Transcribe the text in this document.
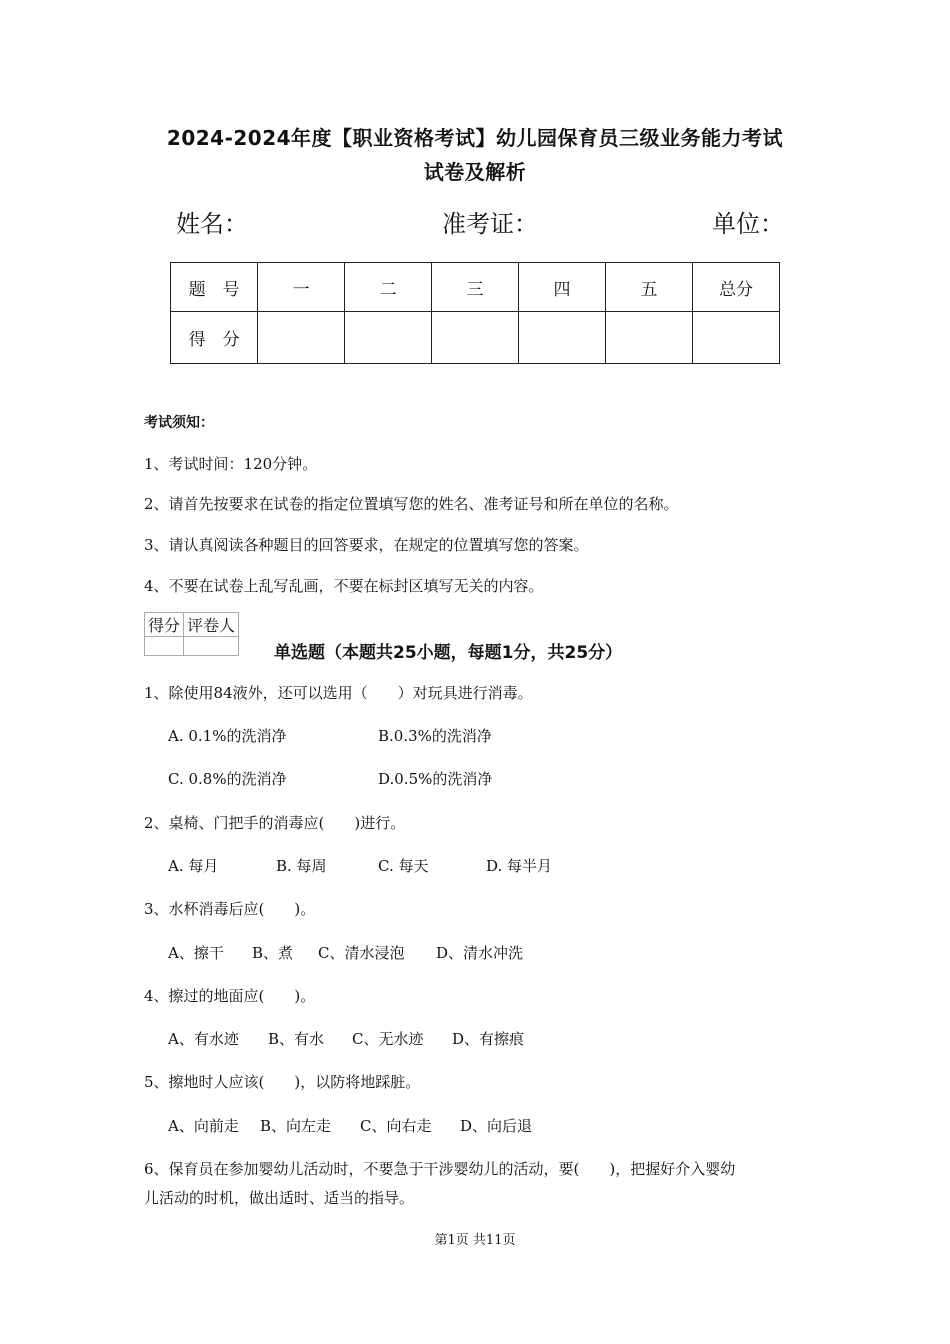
2024-2024年度【职业资格考试】幼儿园保育员三级业务能力考试
试卷及解析
姓名：	准考证：	单位：
题　号	一	二	三	四	五	总分
得　分						
考试须知：
1、考试时间：120分钟。
2、请首先按要求在试卷的指定位置填写您的姓名、准考证号和所在单位的名称。
3、请认真阅读各种题目的回答要求，在规定的位置填写您的答案。
4、不要在试卷上乱写乱画，不要在标封区填写无关的内容。
得分	评卷人

单选题（本题共25小题，每题1分，共25分）
1、除使用84液外，还可以选用（　　）对玩具进行消毒。
A. 0.1%的洗消净	B.0.3%的洗消净
C. 0.8%的洗消净	D.0.5%的洗消净
2、桌椅、门把手的消毒应(　　)进行。
A. 每月	B. 每周	C. 每天	D. 每半月
3、水杯消毒后应(　　)。
A、擦干 B、煮 C、清水浸泡 D、清水冲洗
4、擦过的地面应(　　)。
A、有水迹 B、有水 C、无水迹 D、有擦痕
5、擦地时人应该(　　)，以防将地踩脏。
A、向前走 B、向左走 C、向右走 D、向后退
6、保育员在参加婴幼儿活动时，不要急于干涉婴幼儿的活动，要(　　)，把握好介入婴幼
儿活动的时机，做出适时、适当的指导。
第1页 共11页
